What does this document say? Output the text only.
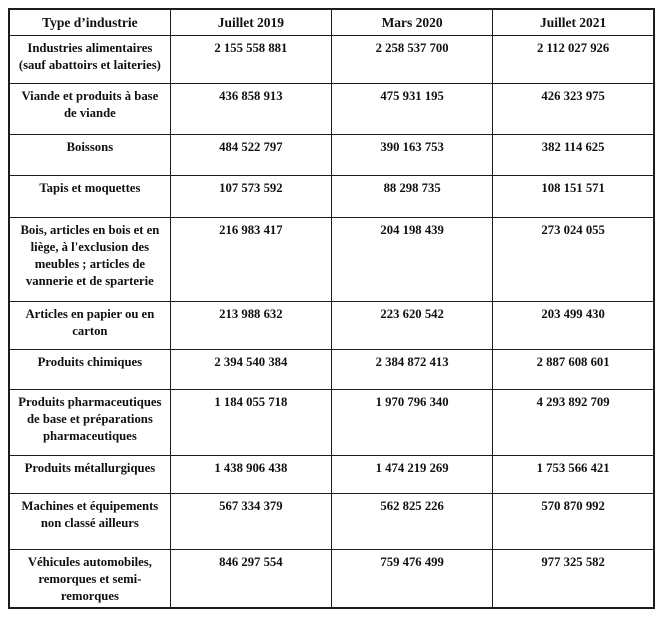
Type d’industrie	Juillet 2019	Mars 2020	Juillet 2021
Industries alimentaires (sauf abattoirs et laiteries)	2 155 558 881	2 258 537 700	2 112 027 926
Viande et produits à base de viande	436 858 913	475 931 195	426 323 975
Boissons	484 522 797	390 163 753	382 114 625
Tapis et moquettes	107 573 592	88 298 735	108 151 571
Bois, articles en bois et en liège, à l'exclusion des meubles ; articles de vannerie et de sparterie	216 983 417	204 198 439	273 024 055
Articles en papier ou en carton	213 988 632	223 620 542	203 499 430
Produits chimiques	2 394 540 384	2 384 872 413	2 887 608 601
Produits pharmaceutiques de base et préparations pharmaceutiques	1 184 055 718	1 970 796 340	4 293 892 709
Produits métallurgiques	1 438 906 438	1 474 219 269	1 753 566 421
Machines et équipements non classé ailleurs	567 334 379	562 825 226	570 870 992
Véhicules automobiles, remorques et semi-remorques	846 297 554	759 476 499	977 325 582
